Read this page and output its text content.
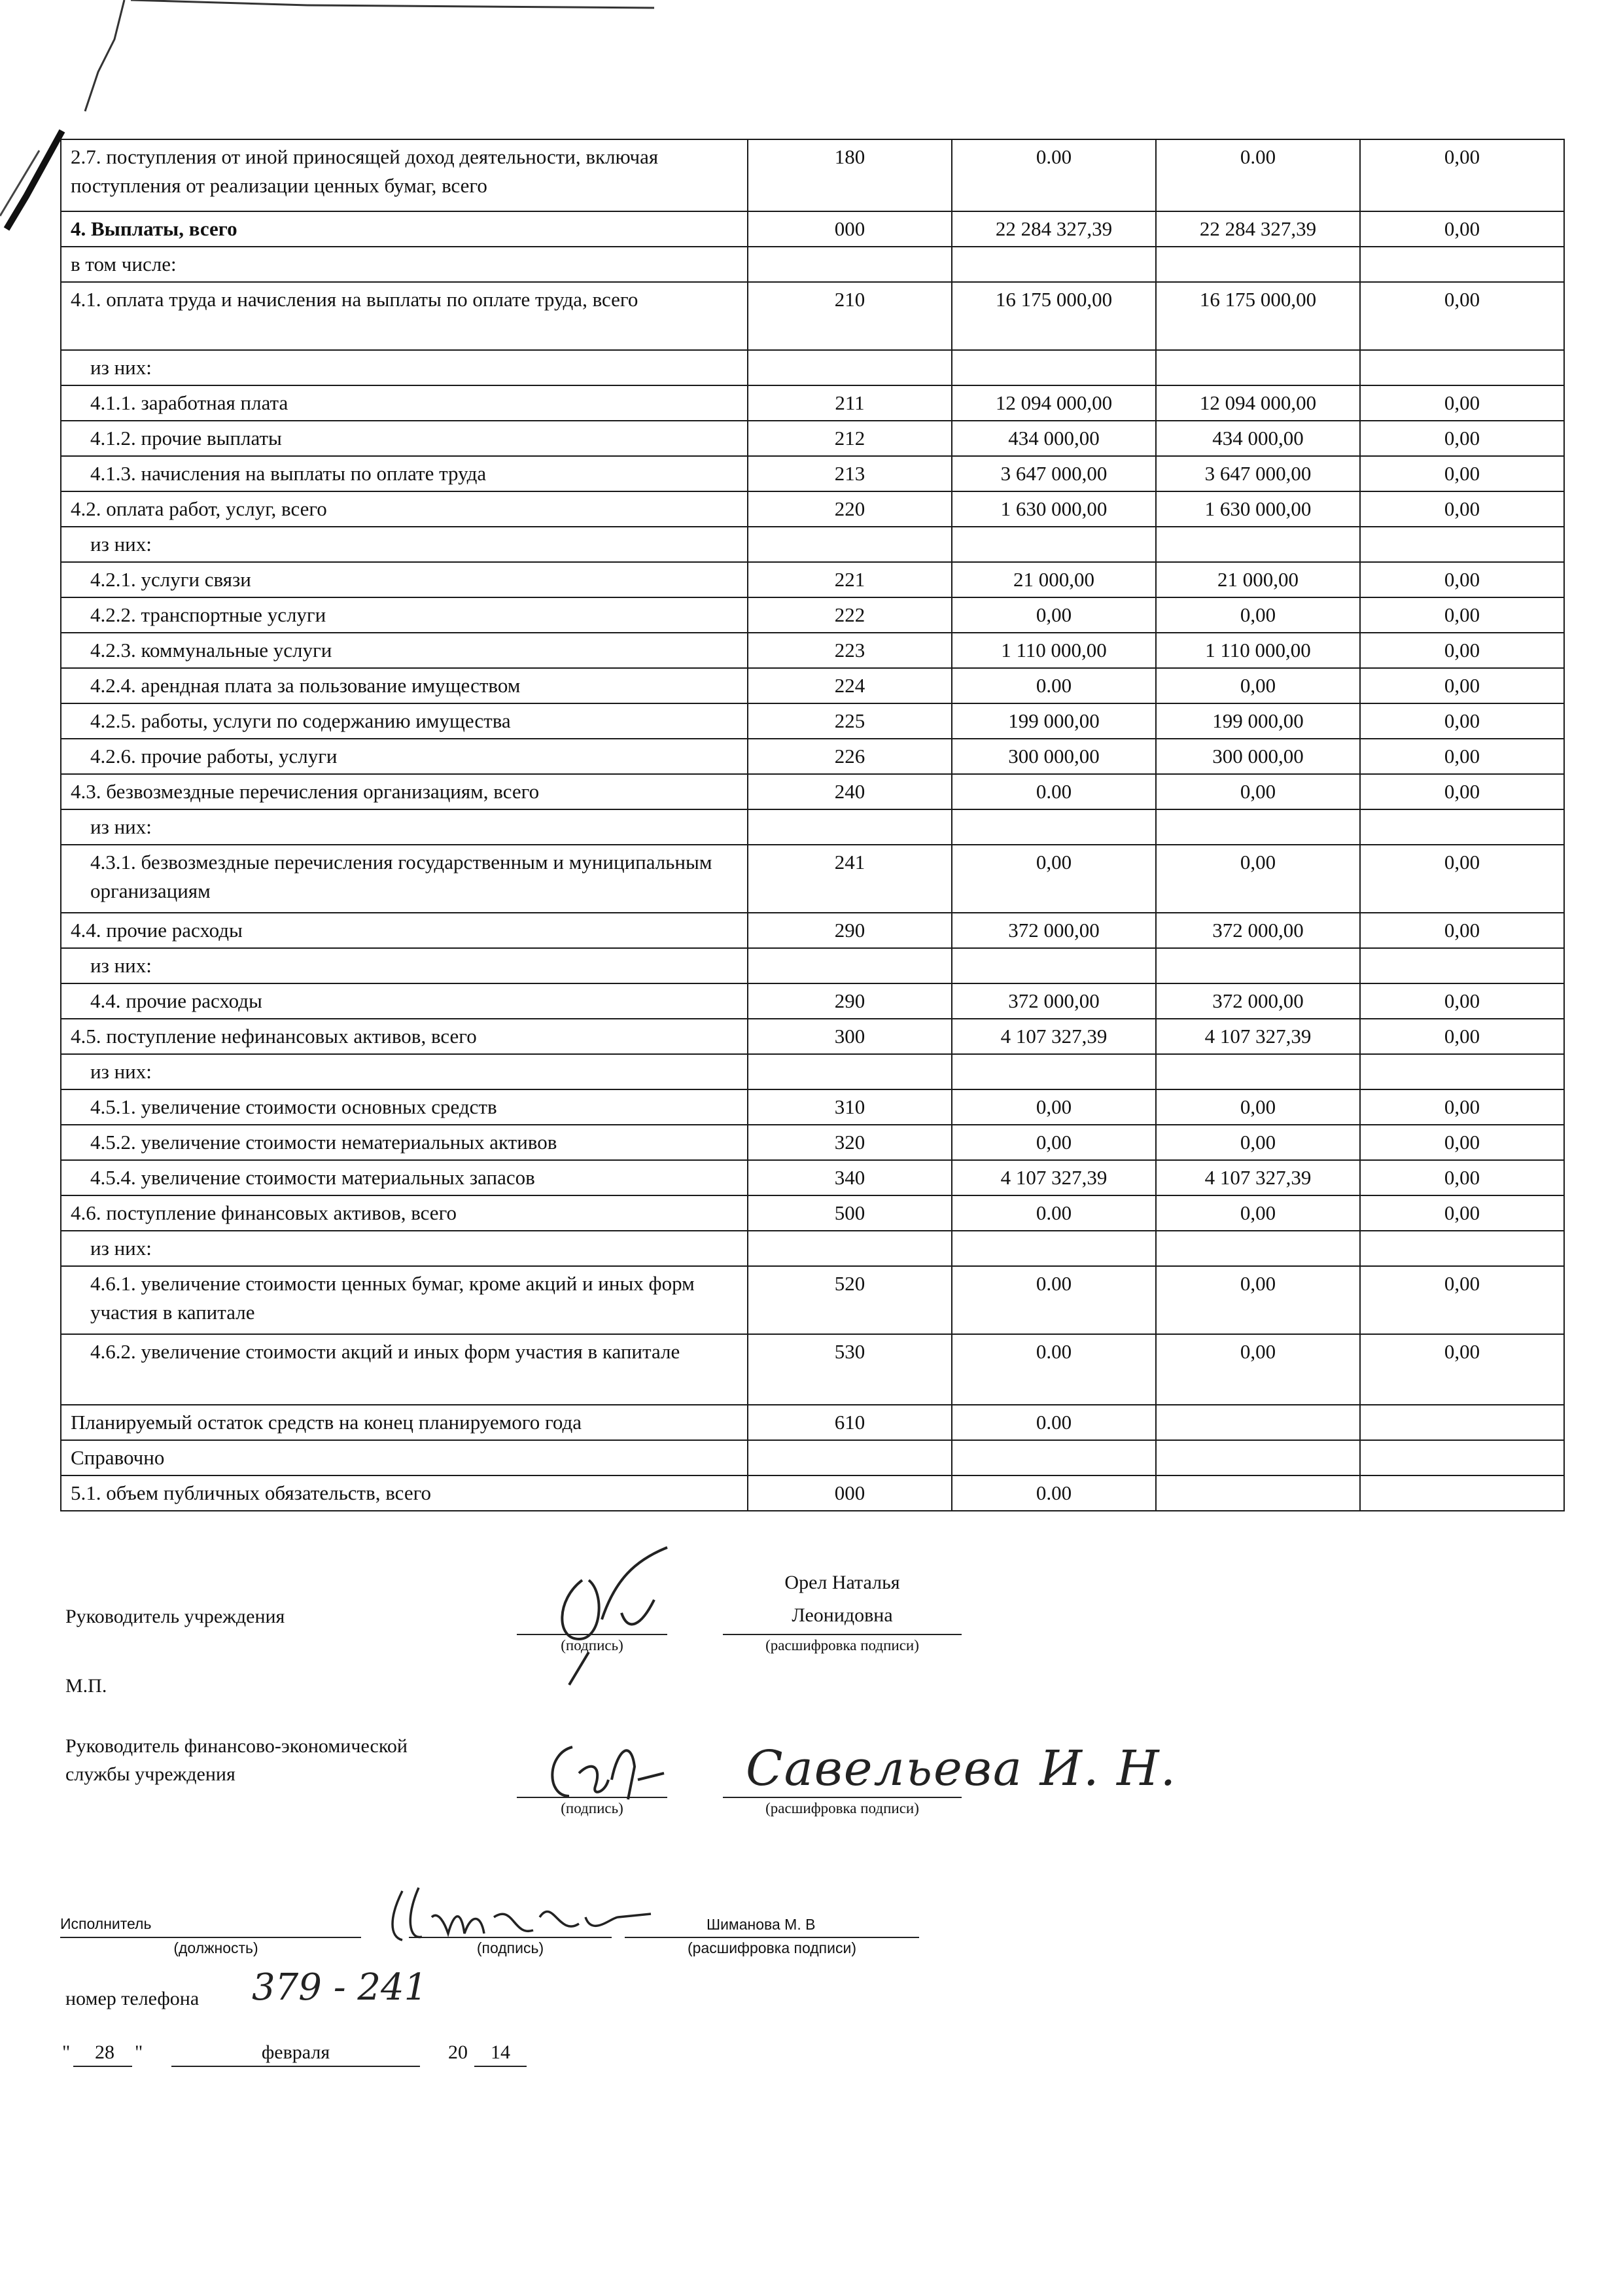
2.7. поступления от иной приносящей доход деятельности, включая поступления от реализации ценных бумаг, всего	180	0.00	0.00	0,00
4. Выплаты, всего	000	22 284 327,39	22 284 327,39	0,00
в том числе:				
4.1. оплата труда и начисления на выплаты по оплате труда, всего	210	16 175 000,00	16 175 000,00	0,00
из них:				
4.1.1. заработная плата	211	12 094 000,00	12 094 000,00	0,00
4.1.2. прочие выплаты	212	434 000,00	434 000,00	0,00
4.1.3. начисления на выплаты по оплате труда	213	3 647 000,00	3 647 000,00	0,00
4.2. оплата работ, услуг, всего	220	1 630 000,00	1 630 000,00	0,00
из них:				
4.2.1. услуги связи	221	21 000,00	21 000,00	0,00
4.2.2. транспортные услуги	222	0,00	0,00	0,00
4.2.3. коммунальные услуги	223	1 110 000,00	1 110 000,00	0,00
4.2.4. арендная плата за пользование имуществом	224	0.00	0,00	0,00
4.2.5. работы, услуги по содержанию имущества	225	199 000,00	199 000,00	0,00
4.2.6. прочие работы, услуги	226	300 000,00	300 000,00	0,00
4.3. безвозмездные перечисления организациям, всего	240	0.00	0,00	0,00
из них:				
4.3.1. безвозмездные перечисления государственным и муниципальным организациям	241	0,00	0,00	0,00
4.4. прочие расходы	290	372 000,00	372 000,00	0,00
из них:				
4.4. прочие расходы	290	372 000,00	372 000,00	0,00
4.5. поступление нефинансовых активов, всего	300	4 107 327,39	4 107 327,39	0,00
из них:				
4.5.1. увеличение стоимости основных средств	310	0,00	0,00	0,00
4.5.2. увеличение стоимости нематериальных активов	320	0,00	0,00	0,00
4.5.4. увеличение стоимости материальных запасов	340	4 107 327,39	4 107 327,39	0,00
4.6. поступление финансовых активов, всего	500	0.00	0,00	0,00
из них:				
4.6.1. увеличение стоимости ценных бумаг, кроме акций и иных форм участия в капитале	520	0.00	0,00	0,00
4.6.2. увеличение стоимости акций и иных форм участия в капитале	530	0.00	0,00	0,00
Планируемый остаток средств на конец планируемого года	610	0.00		
Справочно				
5.1. объем публичных обязательств, всего	000	0.00		
Руководитель учреждения
(подпись)
Орел Наталья
Леонидовна
(расшифровка подписи)
М.П.
Руководитель финансово-экономической
службы учреждения
(подпись)
Савельева И. Н.
(расшифровка подписи)
Исполнитель
(должность)	(подпись)
Шиманова М. В
(расшифровка подписи)
номер телефона 379 - 241
"	28	"	февраля	20	14
